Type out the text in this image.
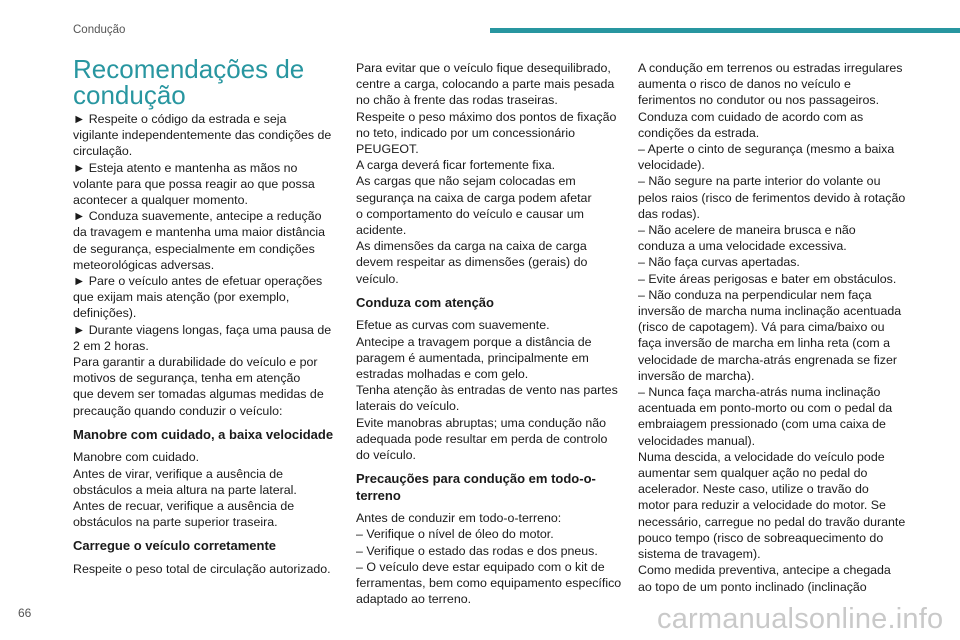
Condução
Recomendações de
condução

► Respeite o código da estrada e seja

vigilante independentemente das condições de

circulação.

► Esteja atento e mantenha as mãos no

volante para que possa reagir ao que possa

acontecer a qualquer momento.

► Conduza suavemente, antecipe a redução

da travagem e mantenha uma maior distância

de segurança, especialmente em condições

meteorológicas adversas.

► Pare o veículo antes de efetuar operações

que exijam mais atenção (por exemplo,

definições).

► Durante viagens longas, faça uma pausa de

2 em 2 horas.

Para garantir a durabilidade do veículo e por

motivos de segurança, tenha em atenção

que devem ser tomadas algumas medidas de

precaução quando conduzir o veículo:

Manobre com cuidado, a baixa velocidade

Manobre com cuidado.

Antes de virar, verifique a ausência de

obstáculos a meia altura na parte lateral.

Antes de recuar, verifique a ausência de

obstáculos na parte superior traseira.

Carregue o veículo corretamente

Respeite o peso total de circulação autorizado.

Para evitar que o veículo fique desequilibrado,

centre a carga, colocando a parte mais pesada

no chão à frente das rodas traseiras.

Respeite o peso máximo dos pontos de fixação

no teto, indicado por um concessionário

PEUGEOT.

A carga deverá ficar fortemente fixa.

As cargas que não sejam colocadas em

segurança na caixa de carga podem afetar

o comportamento do veículo e causar um

acidente.

As dimensões da carga na caixa de carga

devem respeitar as dimensões (gerais) do

veículo.

Conduza com atenção

Efetue as curvas com suavemente.

Antecipe a travagem porque a distância de

paragem é aumentada, principalmente em

estradas molhadas e com gelo.

Tenha atenção às entradas de vento nas partes

laterais do veículo.

Evite manobras abruptas; uma condução não

adequada pode resultar em perda de controlo

do veículo.

Precauções para condução em todo-o-terreno

Antes de conduzir em todo-o-terreno:

– Verifique o nível de óleo do motor.

– Verifique o estado das rodas e dos pneus.

– O veículo deve estar equipado com o kit de

ferramentas, bem como equipamento específico

adaptado ao terreno.

A condução em terrenos ou estradas irregulares

aumenta o risco de danos no veículo e

ferimentos no condutor ou nos passageiros.

Conduza com cuidado de acordo com as

condições da estrada.

– Aperte o cinto de segurança (mesmo a baixa

velocidade).

– Não segure na parte interior do volante ou

pelos raios (risco de ferimentos devido à rotação

das rodas).

– Não acelere de maneira brusca e não

conduza a uma velocidade excessiva.

– Não faça curvas apertadas.

– Evite áreas perigosas e bater em obstáculos.

– Não conduza na perpendicular nem faça

inversão de marcha numa inclinação acentuada

(risco de capotagem). Vá para cima/baixo ou

faça inversão de marcha em linha reta (com a

velocidade de marcha-atrás engrenada se fizer

inversão de marcha).

– Nunca faça marcha-atrás numa inclinação

acentuada em ponto-morto ou com o pedal da

embraiagem pressionado (com uma caixa de

velocidades manual).

Numa descida, a velocidade do veículo pode

aumentar sem qualquer ação no pedal do

acelerador. Neste caso, utilize o travão do

motor para reduzir a velocidade do motor. Se

necessário, carregue no pedal do travão durante

pouco tempo (risco de sobreaquecimento do

sistema de travagem).

Como medida preventiva, antecipe a chegada

ao topo de um ponto inclinado (inclinação

66	carmanualsonline.info
